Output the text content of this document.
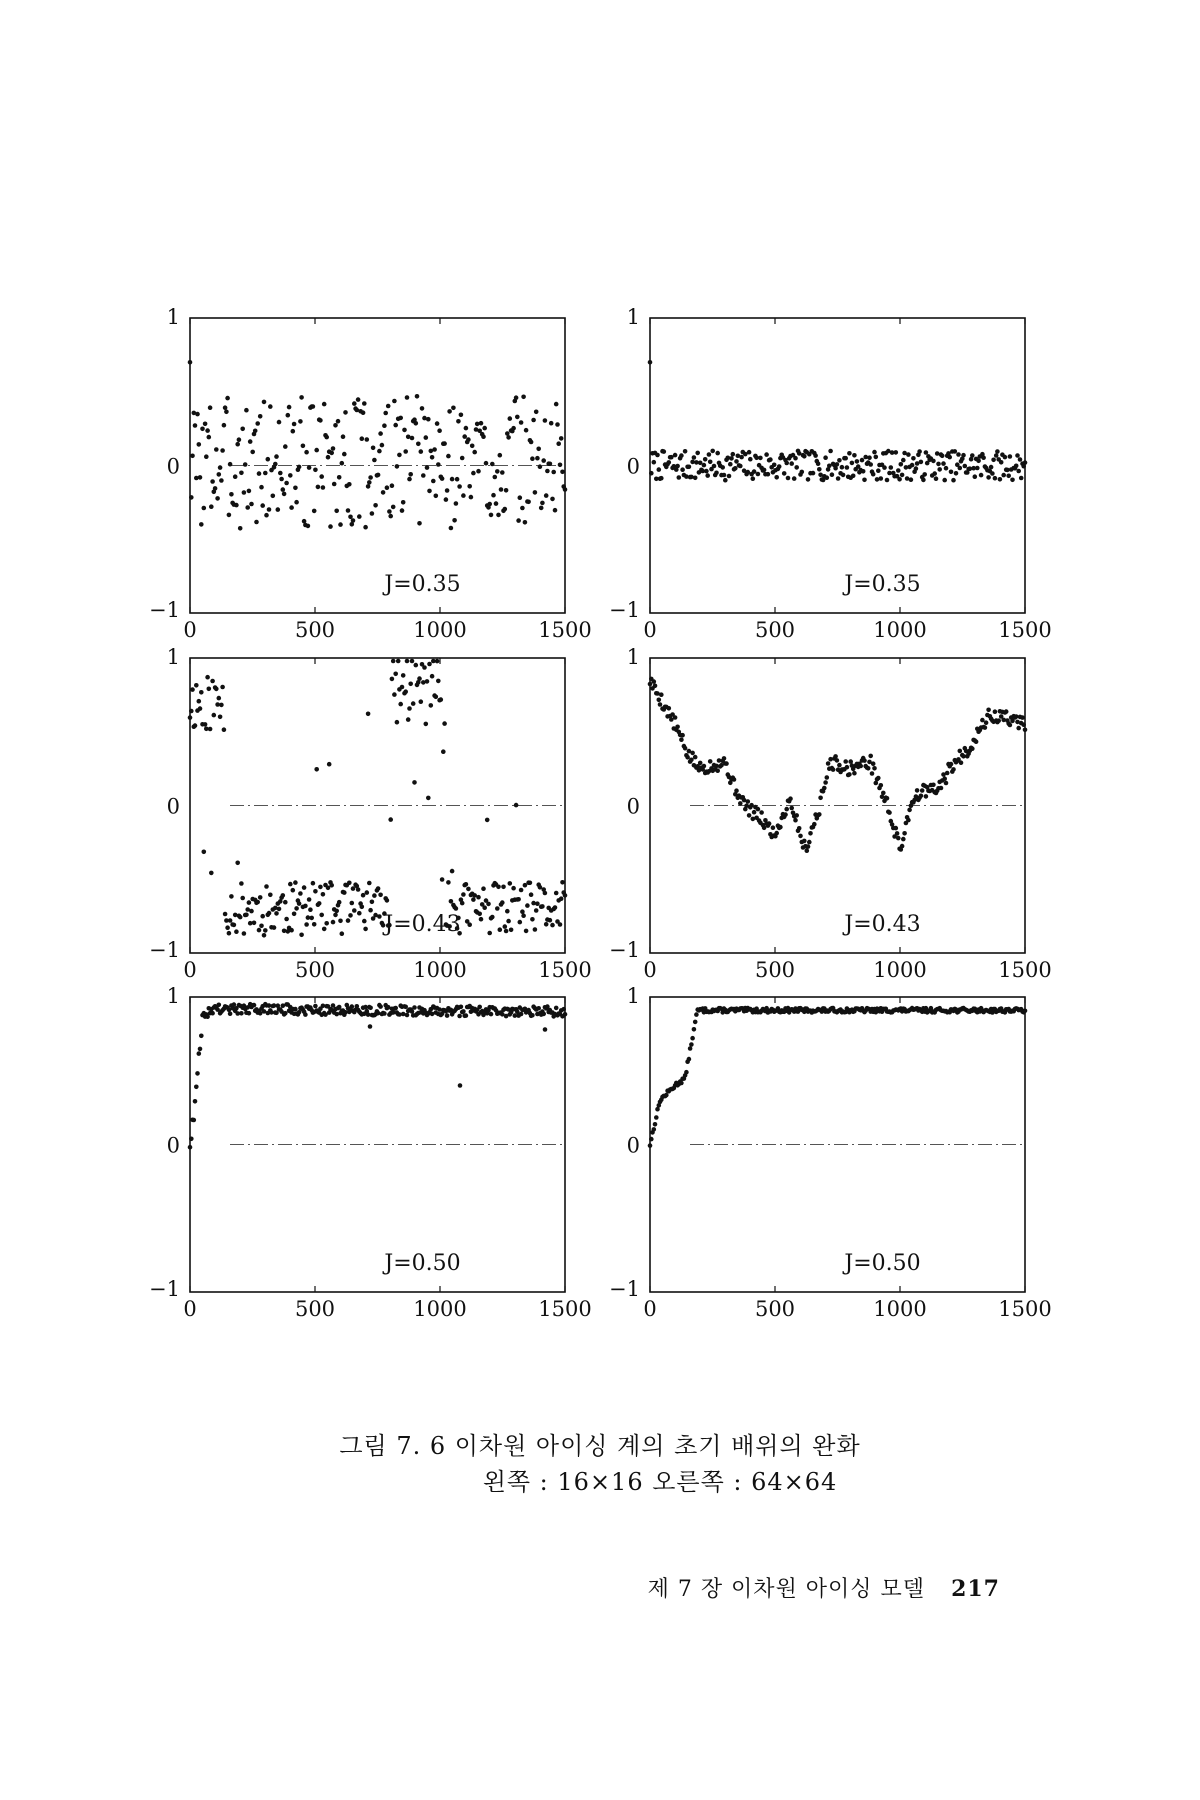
1
0
−1
0	500	1000	1500
J=0.35
1
0
−1
0	500	1000	1500
J=0.35
1
0
−1
0	500	1000	1500
J=0.43
1
0
−1
0	500	1000	1500
J=0.43
1
0
−1
0	500	1000	1500
J=0.50
1
0
−1
0	500	1000	1500
J=0.50
그림 7. 6 이차원 아이싱 계의 초기 배위의 완화
왼쪽 : 16×16 오른쪽 : 64×64
제 7 장 이차원 아이싱 모델 217
